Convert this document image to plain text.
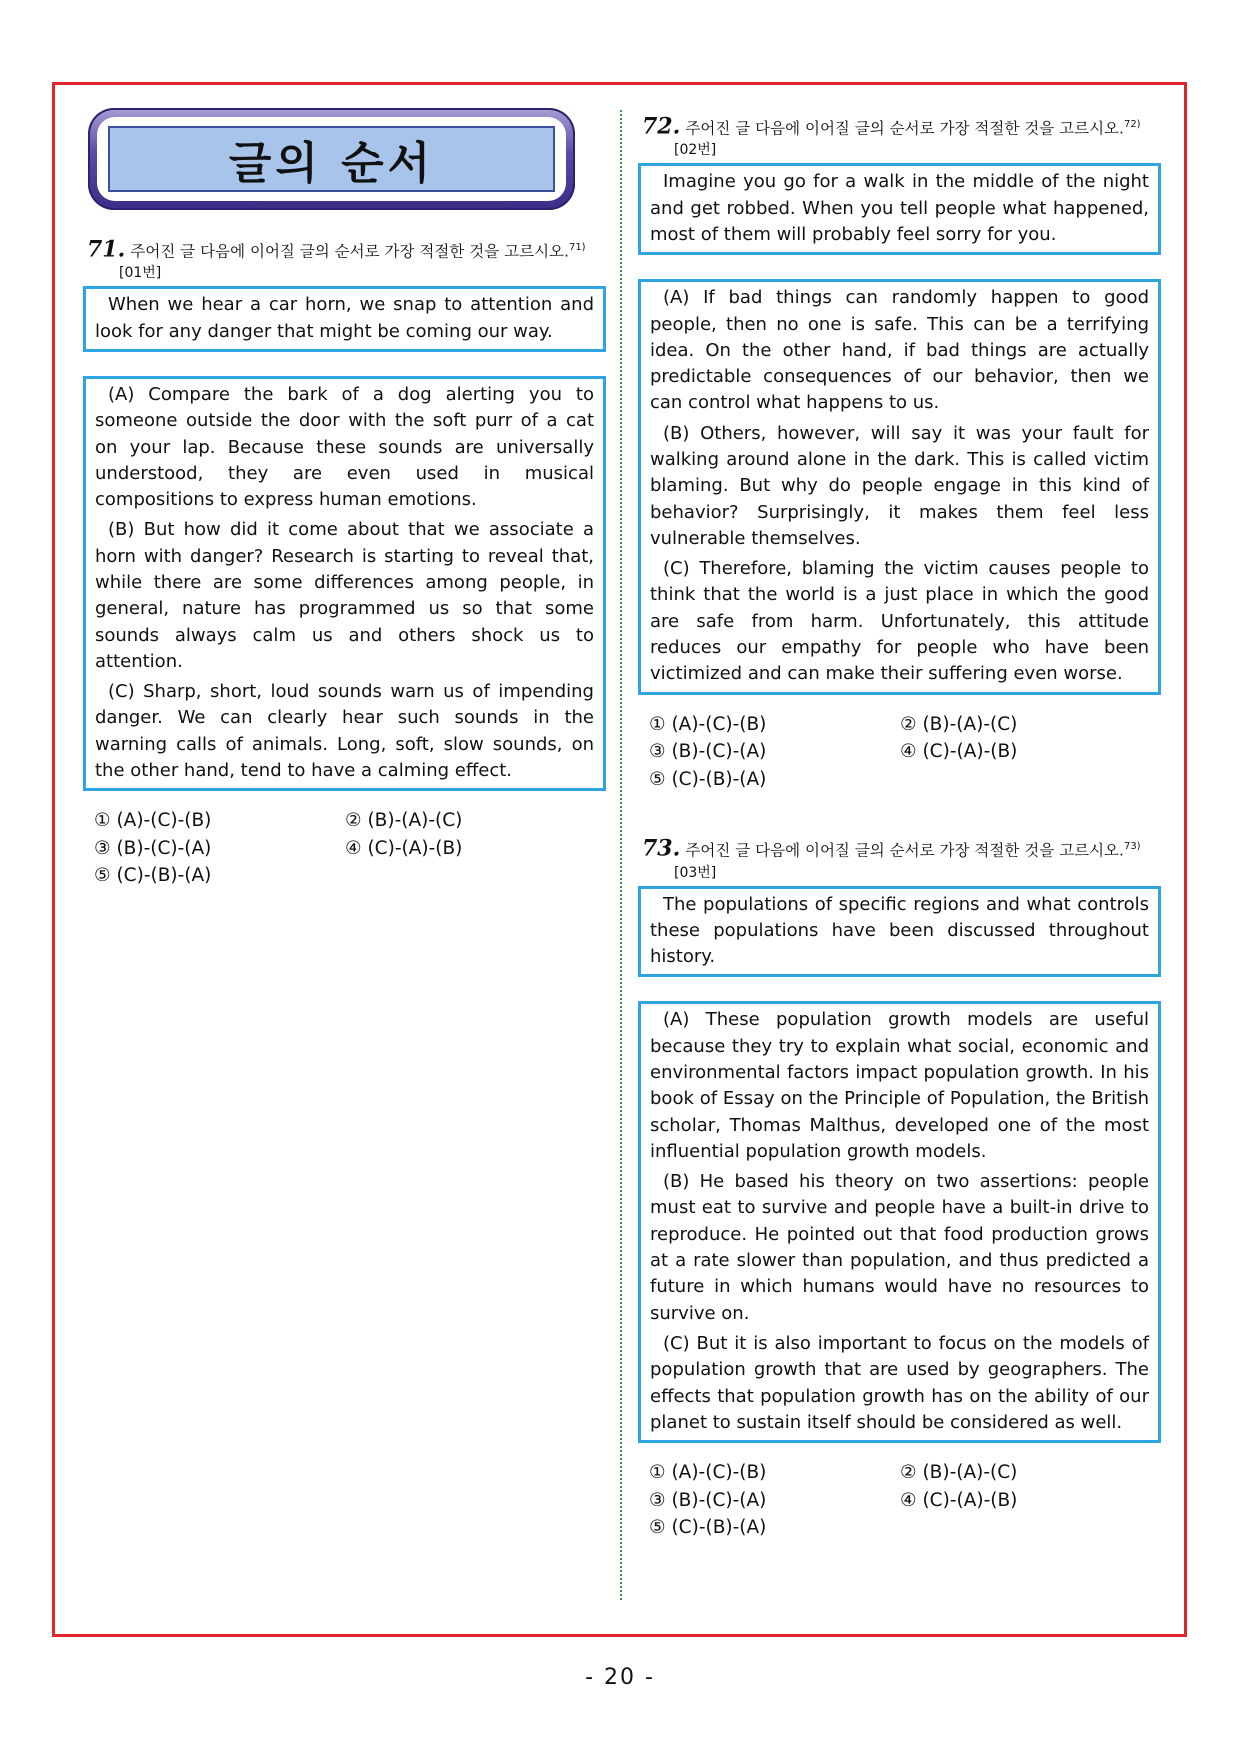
글의 순서
71. 주어진 글 다음에 이어질 글의 순서로 가장 적절한 것을 고르시오.$^{71)}$
[01번]

When we hear a car horn, we snap to attention and look for any danger that might be coming our way.

(A) Compare the bark of a dog alerting you to someone outside the door with the soft purr of a cat on your lap. Because these sounds are universally understood, they are even used in musical compositions to express human emotions.

(B) But how did it come about that we associate a horn with danger? Research is starting to reveal that, while there are some differences among people, in general, nature has programmed us so that some sounds always calm us and others shock us to attention.

(C) Sharp, short, loud sounds warn us of impending danger. We can clearly hear such sounds in the warning calls of animals. Long, soft, slow sounds, on the other hand, tend to have a calming effect.

① (A)-(C)-(B)	② (B)-(A)-(C)
③ (B)-(C)-(A)	④ (C)-(A)-(B)
⑤ (C)-(B)-(A)
72. 주어진 글 다음에 이어질 글의 순서로 가장 적절한 것을 고르시오.$^{72)}$
[02번]

Imagine you go for a walk in the middle of the night and get robbed. When you tell people what happened, most of them will probably feel sorry for you.

(A) If bad things can randomly happen to good people, then no one is safe. This can be a terrifying idea. On the other hand, if bad things are actually predictable consequences of our behavior, then we can control what happens to us.

(B) Others, however, will say it was your fault for walking around alone in the dark. This is called victim blaming. But why do people engage in this kind of behavior? Surprisingly, it makes them feel less vulnerable themselves.

(C) Therefore, blaming the victim causes people to think that the world is a just place in which the good are safe from harm. Unfortunately, this attitude reduces our empathy for people who have been victimized and can make their suffering even worse.

① (A)-(C)-(B)	② (B)-(A)-(C)
③ (B)-(C)-(A)	④ (C)-(A)-(B)
⑤ (C)-(B)-(A)
73. 주어진 글 다음에 이어질 글의 순서로 가장 적절한 것을 고르시오.$^{73)}$
[03번]

The populations of specific regions and what controls these populations have been discussed throughout history.

(A) These population growth models are useful because they try to explain what social, economic and environmental factors impact population growth. In his book of Essay on the Principle of Population, the British scholar, Thomas Malthus, developed one of the most influential population growth models.

(B) He based his theory on two assertions: people must eat to survive and people have a built-in drive to reproduce. He pointed out that food production grows at a rate slower than population, and thus predicted a future in which humans would have no resources to survive on.

(C) But it is also important to focus on the models of population growth that are used by geographers. The effects that population growth has on the ability of our planet to sustain itself should be considered as well.

① (A)-(C)-(B)	② (B)-(A)-(C)
③ (B)-(C)-(A)	④ (C)-(A)-(B)
⑤ (C)-(B)-(A)
- 20 -
